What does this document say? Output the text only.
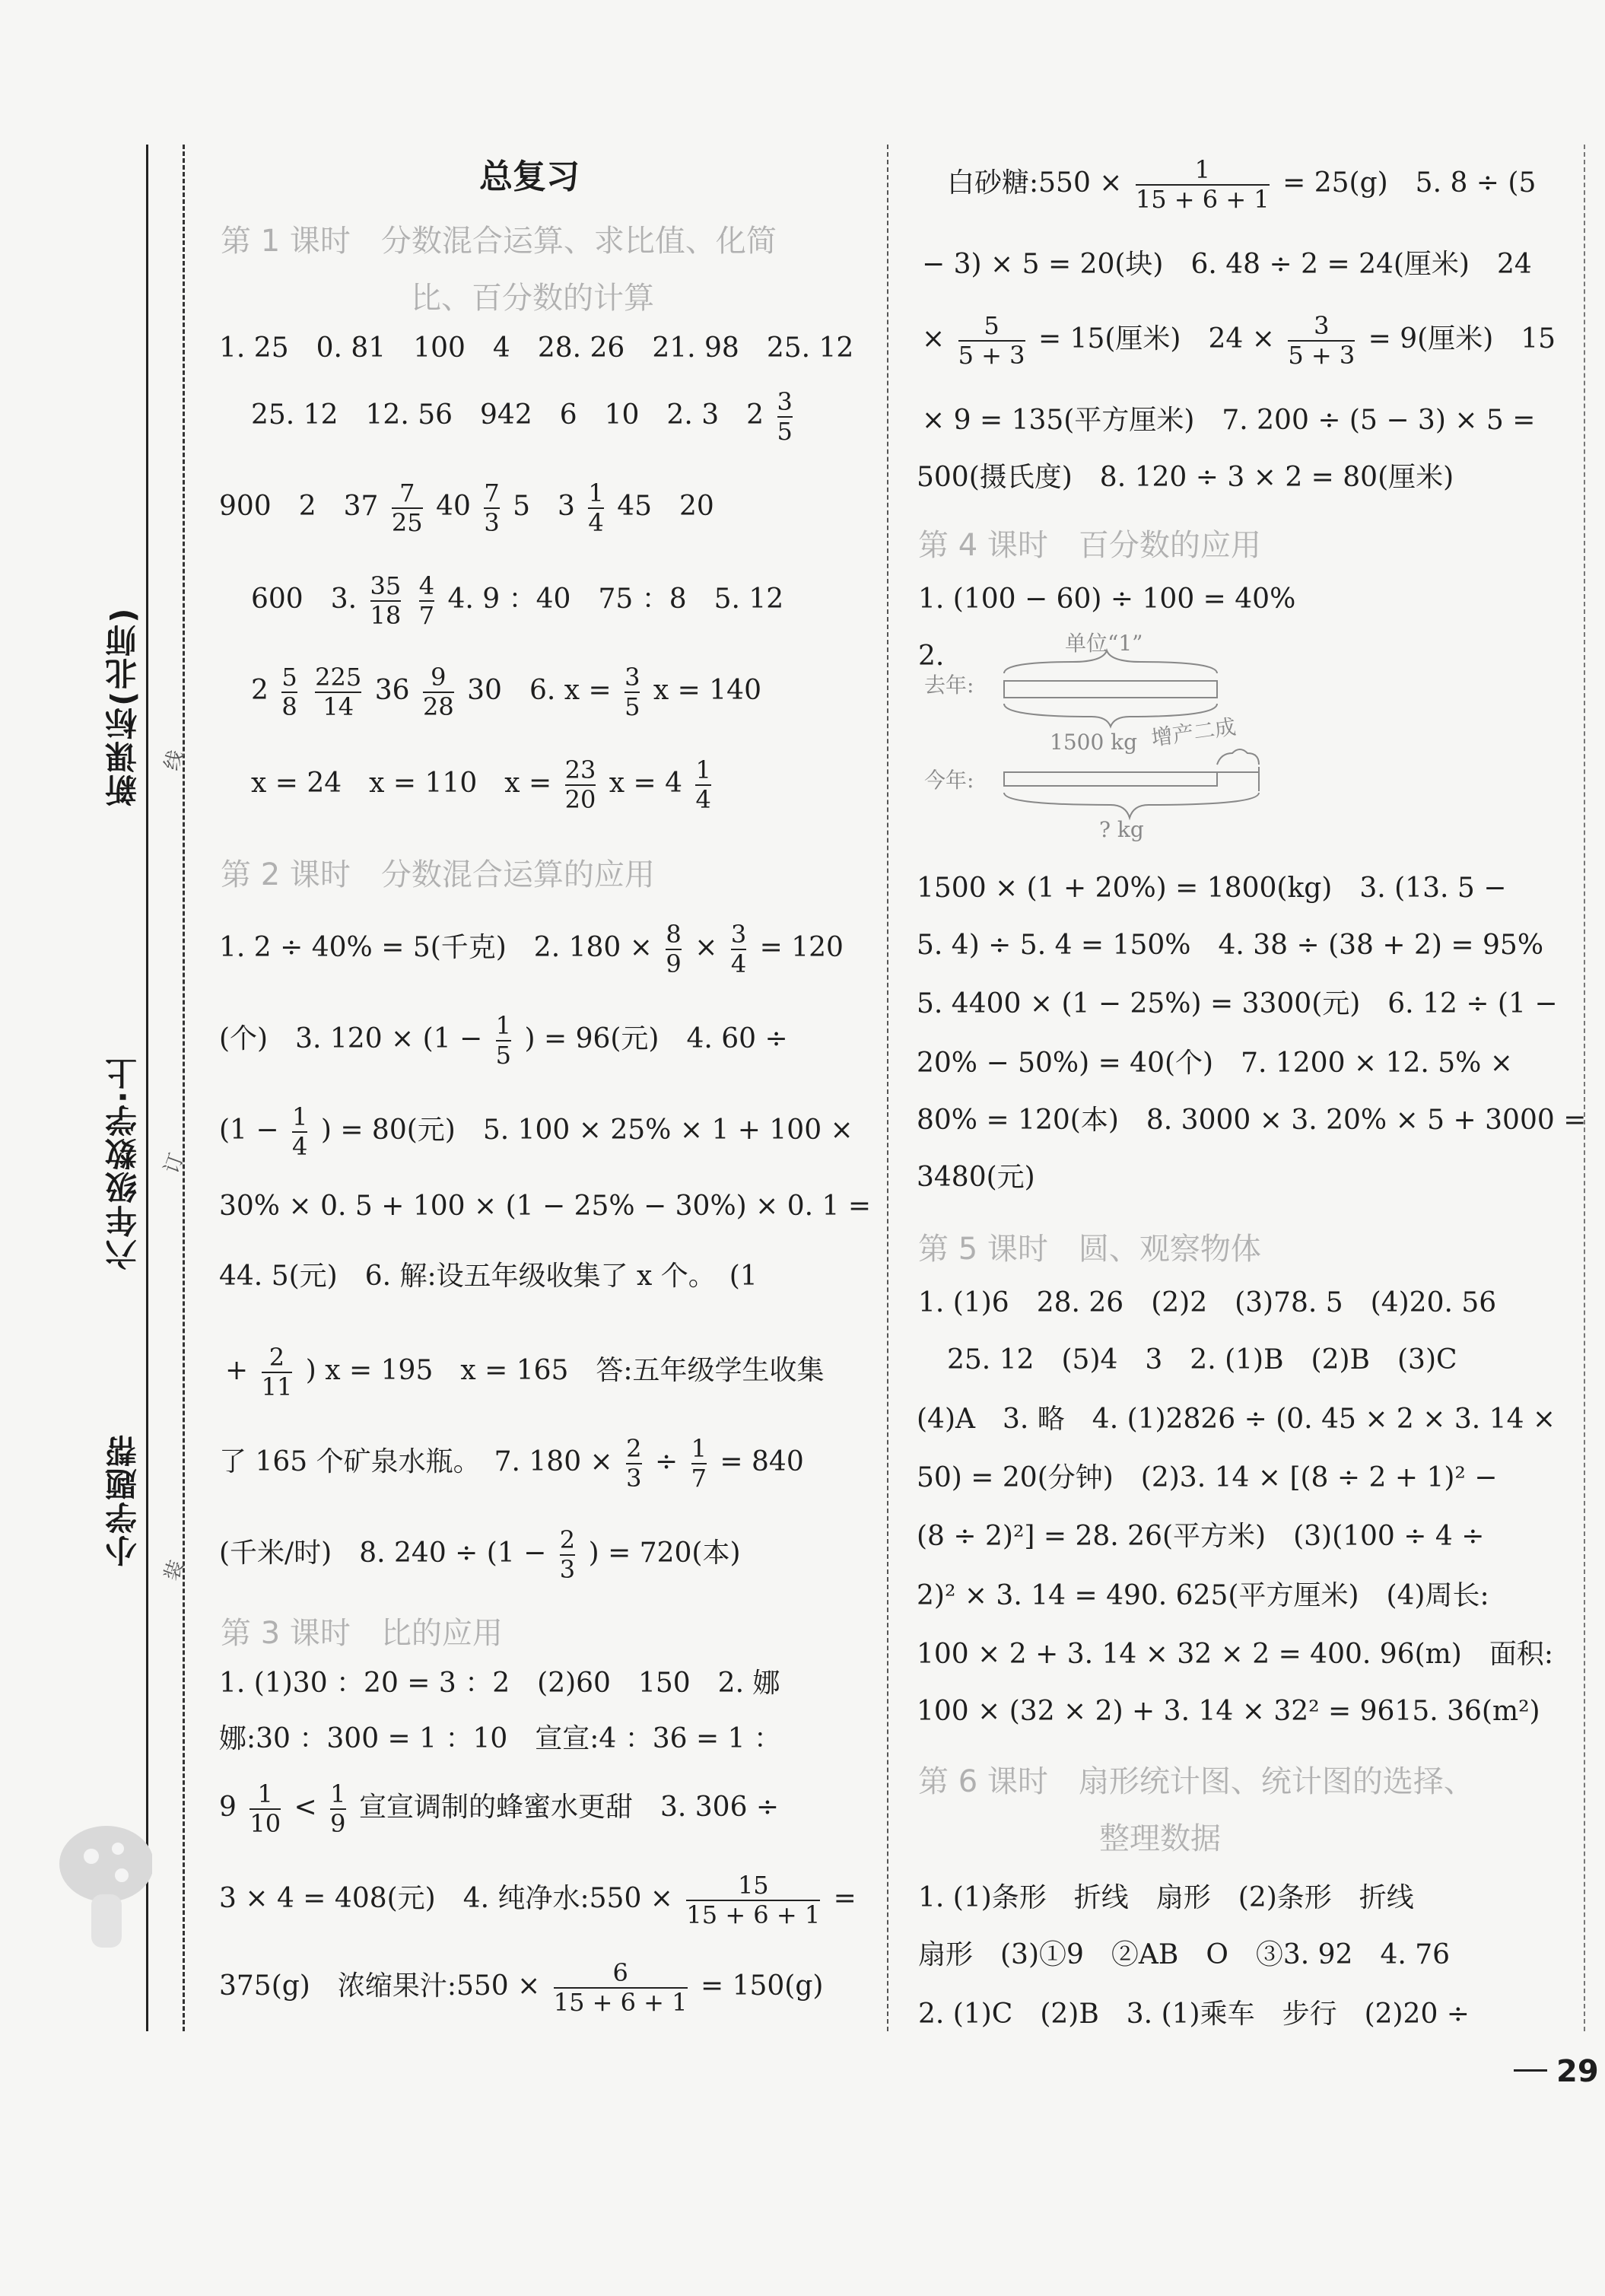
新课标(北师)
六年级数学·上
小学题帮
线
订
装
总复习
第 1 课时　分数混合运算、求比值、化简
比、百分数的计算
1. 25　0. 81　100　4　28. 26　21. 98　25. 12
25. 12　12. 56　942　6　10　2. 3　$2 \frac{3}{5}$
900　2　$37 \frac{7}{25} 40 \frac{7}{3} 5$　$3 \frac{1}{4} 45$　20
600　3. $\frac{35}{18}$
$\frac{4}{7} 4$. 9 ：40　75 ：8　5. 12
$2 \frac{5}{8}$
$\frac{225}{14} 36 \frac{9}{28} 30$　6. $x = \frac{3}{5}$ x = 140
x = 24　x = 110　$x = \frac{23}{20}$ $x = 4 \frac{1}{4}$
第 2 课时　分数混合运算的应用
1. 2 ÷ 40% = 5(千克)　2. $180 \times \frac{8}{9} \times \frac{3}{4} = 120$
(个)　3. $120 \times (1 - \frac{1}{5}$ ) = 96(元)　4. 60 ÷
($1 - \frac{1}{4}$ ) = 80(元)　5. 100 × 25% × 1 + 100 ×
30% × 0. 5 + 100 × (1 − 25% − 30%) × 0. 1 =
44. 5(元)　6. 解:设五年级收集了 x 个。　(1
+ $\frac{2}{11}$ ) x = 195　x = 165　答:五年级学生收集
了 165 个矿泉水瓶。　7. $180 \times \frac{2}{3} \div \frac{1}{7} = 840$
(千米/时)　8. $240 \div (1 - \frac{2}{3}$ ) = 720(本)
第 3 课时　比的应用
1. (1)30 ：20 = 3 ：2　(2)60　150　2. 娜
娜:30 ：300 = 1 ：10　宣宣:4 ：36 = 1 ：
$9 \frac{1}{10} < \frac{1}{9}$ 宣宣调制的蜂蜜水更甜　3. 306 ÷
3 × 4 = 408(元)　4. 纯净水:550 × $\frac{15}{15 + 6 + 1}$ =
375(g)　浓缩果汁:550 × $\frac{6}{15 + 6 + 1} = 150(g)$
白砂糖:550 × $\frac{1}{15 + 6 + 1} = 25(g)$　5. 8 ÷ (5
− 3) × 5 = 20(块)　6. 48 ÷ 2 = 24(厘米)　24
× $\frac{5}{5 + 3} = 15$(厘米)　$24 \times \frac{3}{5 + 3} = 9$(厘米)　15
× 9 = 135(平方厘米)　7. 200 ÷ (5 − 3) × 5 =
500(摄氏度)　8. 120 ÷ 3 × 2 = 80(厘米)
第 4 课时　百分数的应用
1. (100 − 60) ÷ 100 = 40%
2.	单位“1”
去年:
1500 kg 增产二成
今年:
? kg
1500 × (1 + 20%) = 1800(kg)　3. (13. 5 −
5. 4) ÷ 5. 4 = 150%　4. 38 ÷ (38 + 2) = 95%
5. 4400 × (1 − 25%) = 3300(元)　6. 12 ÷ (1 −
20% − 50%) = 40(个)　7. 1200 × 12. 5% ×
80% = 120(本)　8. 3000 × 3. 20% × 5 + 3000 =
3480(元)
第 5 课时　圆、观察物体
1. (1)6　28. 26　(2)2　(3)78. 5　(4)20. 56
25. 12　(5)4　3　2. (1)B　(2)B　(3)C
(4)A　3. 略　4. (1)2826 ÷ (0. 45 × 2 × 3. 14 ×
50) = 20(分钟)　(2)3. 14 × [(8 ÷ 2 + 1)² −
(8 ÷ 2)²] = 28. 26(平方米)　(3)(100 ÷ 4 ÷
2)² × 3. 14 = 490. 625(平方厘米)　(4)周长:
100 × 2 + 3. 14 × 32 × 2 = 400. 96(m)　面积:
100 × (32 × 2) + 3. 14 × 32² = 9615. 36(m²)
第 6 课时　扇形统计图、统计图的选择、
整理数据
1. (1)条形　折线　扇形　(2)条形　折线
扇形　(3)①9　②AB　O　③3. 92　4. 76
2. (1)C　(2)B　3. (1)乘车　步行　(2)20 ÷
29
